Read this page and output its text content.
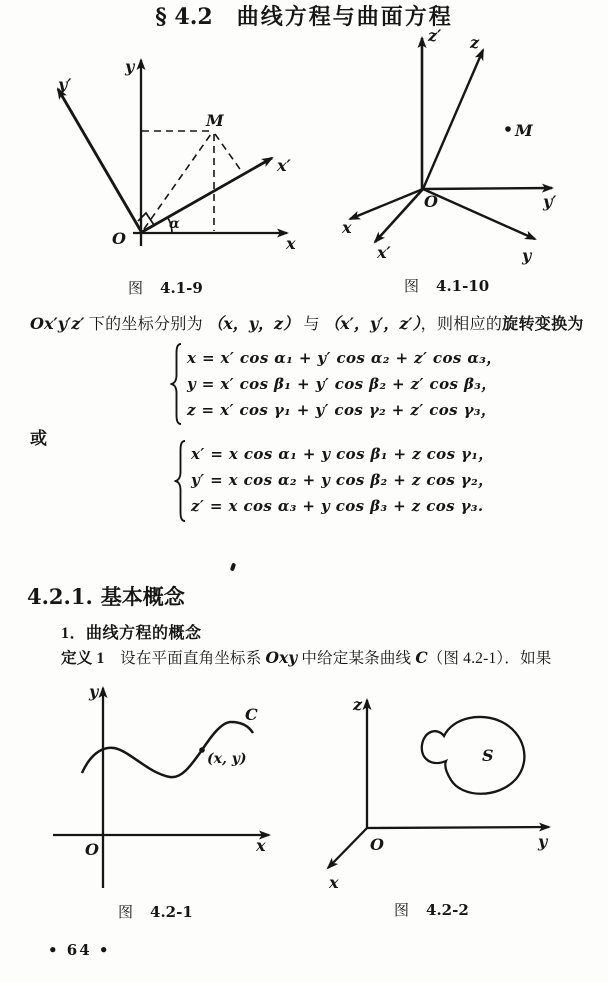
y
y′
x
x′
M
O
α
图 4.1-9
z′ z
y′
y
x′
x
O
M
图 4.1-10
Ox′y′z′ 下的坐标分别为 （x，y，z） 与 （x′，y′，z′），则相应的旋转变换为
x = x′ cos α₁ + y′ cos α₂ + z′ cos α₃，
y = x′ cos β₁ + y′ cos β₂ + z′ cos β₃，
z = x′ cos γ₁ + y′ cos γ₂ + z′ cos γ₃，
或
x′ = x cos α₁ + y cos β₁ + z cos γ₁，
y′ = x cos α₂ + y cos β₂ + z cos γ₂，
z′ = x cos α₃ + y cos β₃ + z cos γ₃.
§ 4.2 曲线方程与曲面方程
4.2.1. 基本概念
1．曲线方程的概念
定义 1　设在平面直角坐标系 Oxy 中给定某条曲线 C（图 4.2-1）．如果
y
x
O
C
(x, y)
图 4.2-1
z
y
x
O
S
图 4.2-2
• 64 •
